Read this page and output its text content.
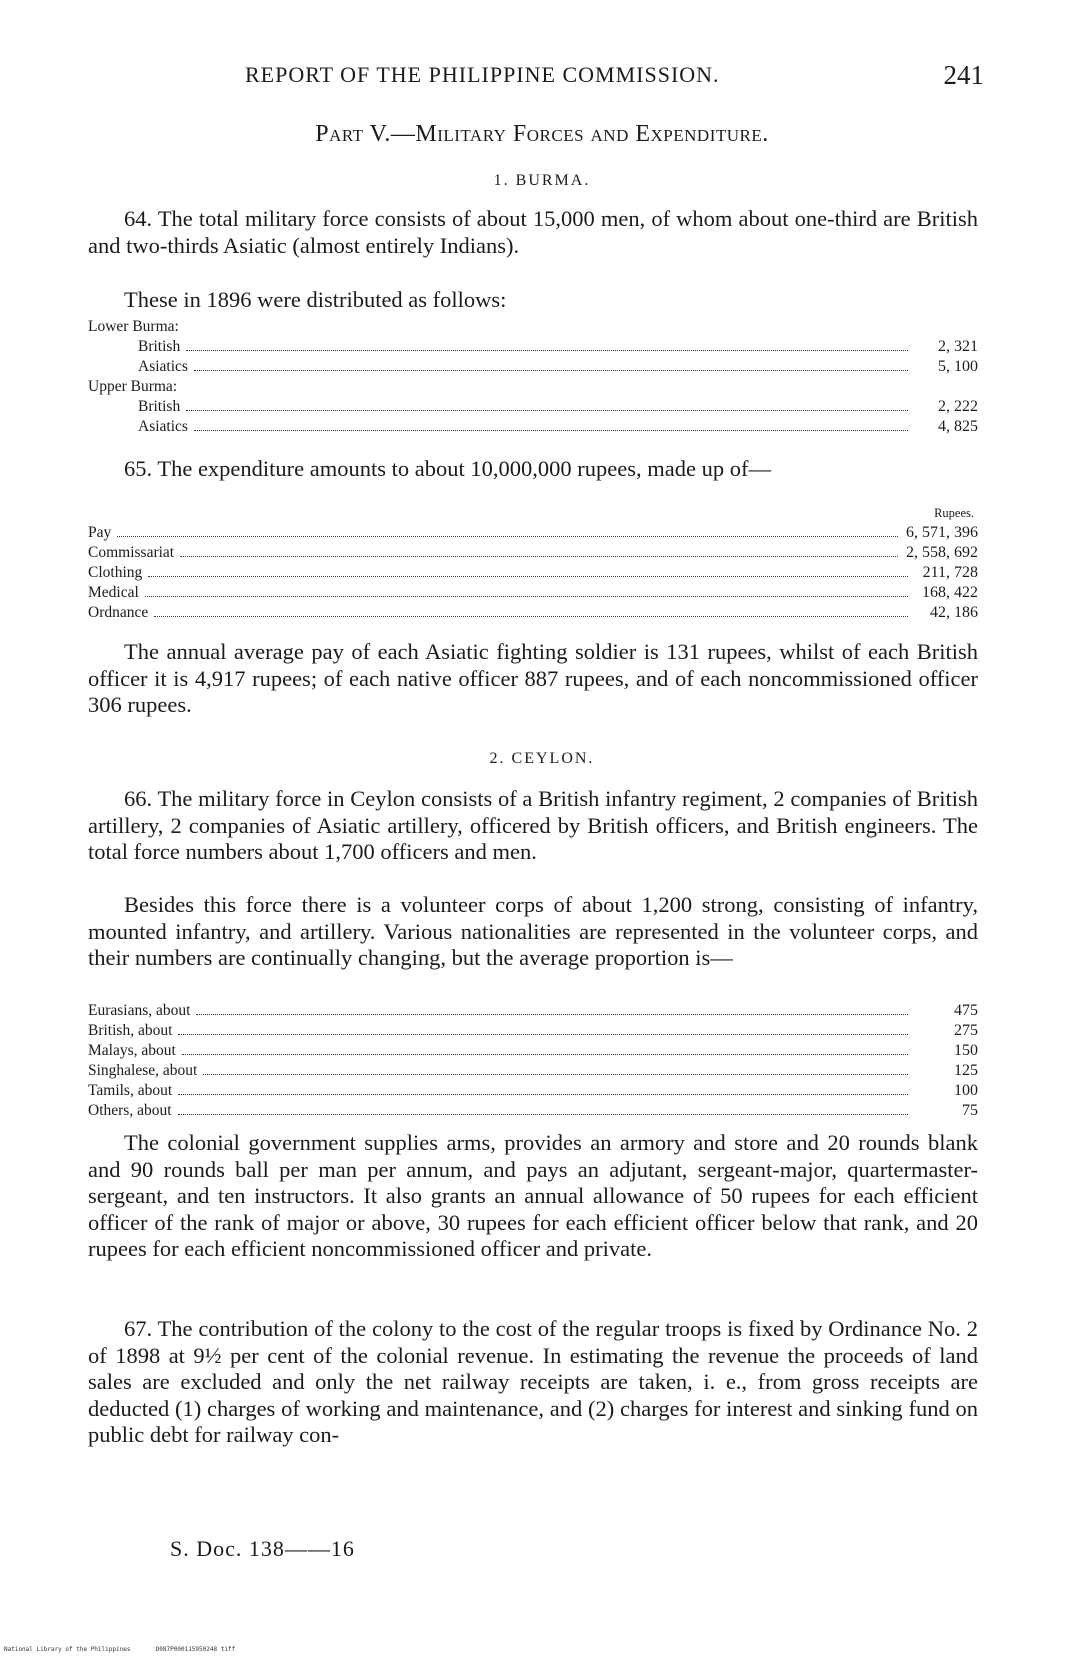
REPORT OF THE PHILIPPINE COMMISSION.	241
Part V.—Military Forces and Expenditure.
1. BURMA.

64. The total military force consists of about 15,000 men, of whom about one-third are British and two-thirds Asiatic (almost entirely Indians).

These in 1896 were distributed as follows:

Lower Burma:
British	2, 321
Asiatics	5, 100
Upper Burma:
British	2, 222
Asiatics	4, 825

65. The expenditure amounts to about 10,000,000 rupees, made up of—

Rupees.
Pay	6, 571, 396
Commissariat	2, 558, 692
Clothing	211, 728
Medical	168, 422
Ordnance	42, 186

The annual average pay of each Asiatic fighting soldier is 131 rupees, whilst of each British officer it is 4,917 rupees; of each native officer 887 rupees, and of each noncommissioned officer 306 rupees.

2. CEYLON.

66. The military force in Ceylon consists of a British infantry regiment, 2 companies of British artillery, 2 companies of Asiatic artillery, officered by British officers, and British engineers. The total force numbers about 1,700 officers and men.

Besides this force there is a volunteer corps of about 1,200 strong, consisting of infantry, mounted infantry, and artillery. Various nationalities are represented in the volunteer corps, and their numbers are continually changing, but the average proportion is—

Eurasians, about	475
British, about	275
Malays, about	150
Singhalese, about	125
Tamils, about	100
Others, about	75

The colonial government supplies arms, provides an armory and store and 20 rounds blank and 90 rounds ball per man per annum, and pays an adjutant, sergeant-major, quartermaster-sergeant, and ten instructors. It also grants an annual allowance of 50 rupees for each efficient officer of the rank of major or above, 30 rupees for each efficient officer below that rank, and 20 rupees for each efficient noncommissioned officer and private.

67. The contribution of the colony to the cost of the regular troops is fixed by Ordinance No. 2 of 1898 at 9½ per cent of the colonial revenue. In estimating the revenue the proceeds of land sales are excluded and only the net railway receipts are taken, i. e., from gross receipts are deducted (1) charges of working and maintenance, and (2) charges for interest and sinking fund on public debt for railway con-

S. Doc. 138——16
National Library of the Philippines	D087P000115950248 tiff
